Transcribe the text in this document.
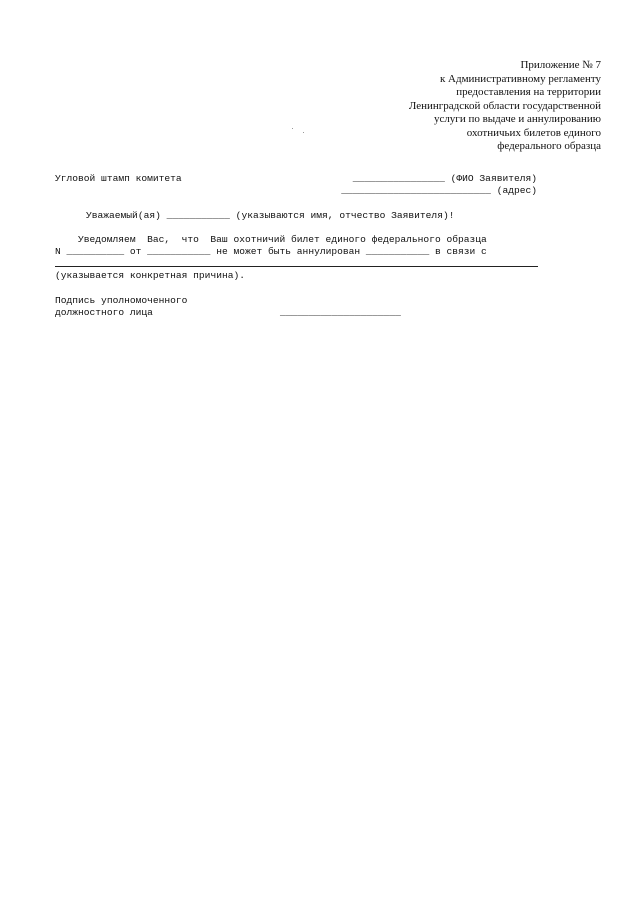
Приложение № 7
к Административному регламенту
предоставления на территории
Ленинградской области государственной
услуги по выдаче и аннулированию
охотничьих билетов единого
федерального образца
Угловой штамп комитета	________________ (ФИО Заявителя)
__________________________ (адрес)
Уважаемый(ая) ___________ (указываются имя, отчество Заявителя)!
Уведомляем  Вас,  что  Ваш охотничий билет единого федерального образца
N __________ от ___________ не может быть аннулирован ___________ в связи с
(указывается конкретная причина).
Подпись уполномоченного
должностного лица	_____________________
